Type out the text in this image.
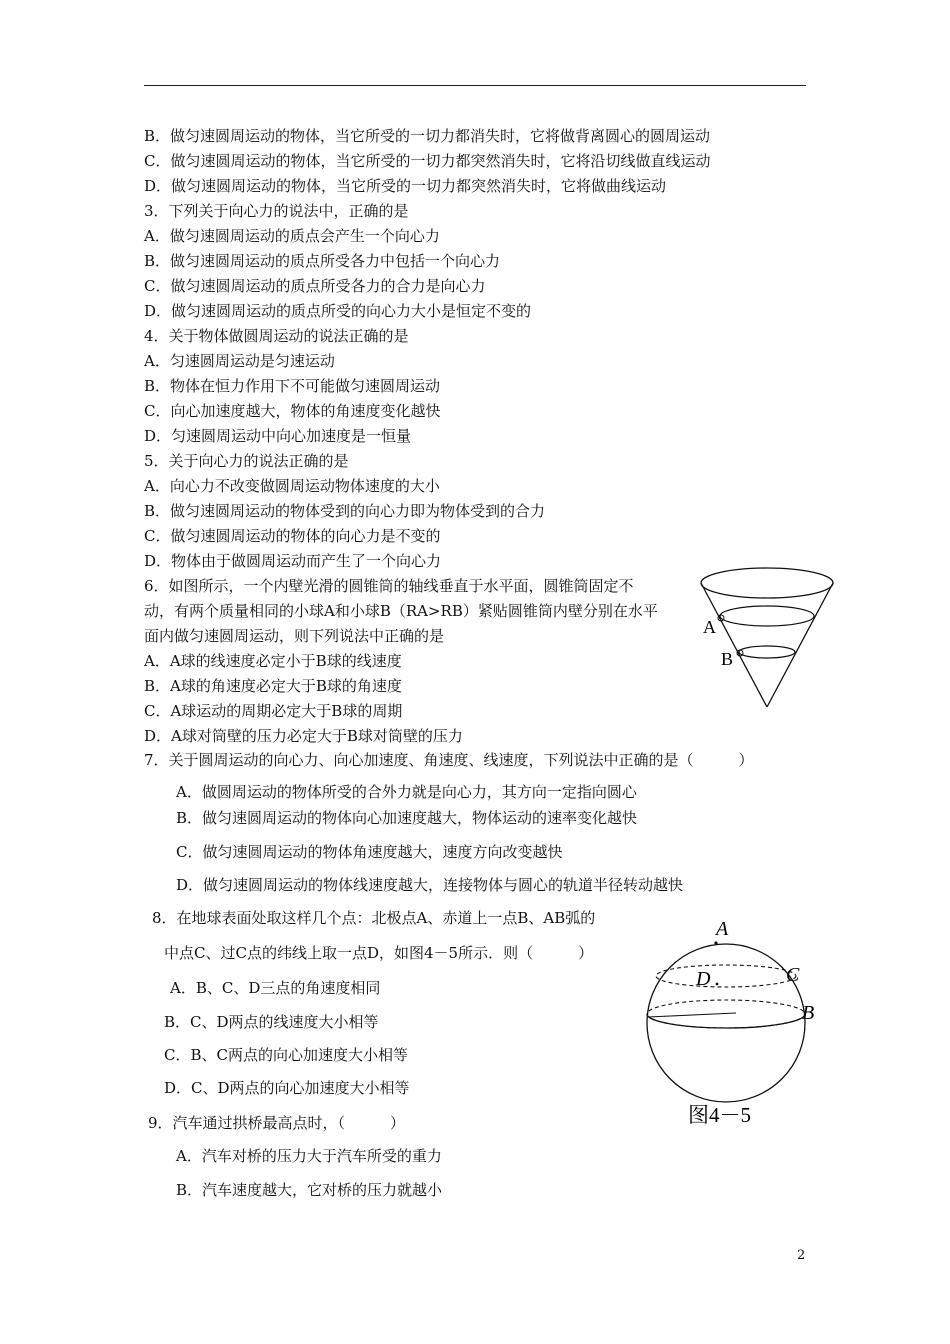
B．做匀速圆周运动的物体，当它所受的一切力都消失时，它将做背离圆心的圆周运动
C．做匀速圆周运动的物体，当它所受的一切力都突然消失时，它将沿切线做直线运动
D．做匀速圆周运动的物体，当它所受的一切力都突然消失时，它将做曲线运动
3．下列关于向心力的说法中，正确的是
A．做匀速圆周运动的质点会产生一个向心力
B．做匀速圆周运动的质点所受各力中包括一个向心力
C．做匀速圆周运动的质点所受各力的合力是向心力
D．做匀速圆周运动的质点所受的向心力大小是恒定不变的
4．关于物体做圆周运动的说法正确的是
A．匀速圆周运动是匀速运动
B．物体在恒力作用下不可能做匀速圆周运动
C．向心加速度越大，物体的角速度变化越快
D．匀速圆周运动中向心加速度是一恒量
5．关于向心力的说法正确的是
A．向心力不改变做圆周运动物体速度的大小
B．做匀速圆周运动的物体受到的向心力即为物体受到的合力
C．做匀速圆周运动的物体的向心力是不变的
D．物体由于做圆周运动而产生了一个向心力
6．如图所示，一个内壁光滑的圆锥筒的轴线垂直于水平面，圆锥筒固定不
动，有两个质量相同的小球A和小球B（RA>RB）紧贴圆锥筒内壁分别在水平
面内做匀速圆周运动，则下列说法中正确的是
A．A球的线速度必定小于B球的线速度
B．A球的角速度必定大于B球的角速度
C．A球运动的周期必定大于B球的周期
D．A球对筒壁的压力必定大于B球对筒壁的压力
7．关于圆周运动的向心力、向心加速度、角速度、线速度，下列说法中正确的是（　　　）
A．做圆周运动的物体所受的合外力就是向心力，其方向一定指向圆心
B．做匀速圆周运动的物体向心加速度越大，物体运动的速率变化越快
C．做匀速圆周运动的物体角速度越大，速度方向改变越快
D．做匀速圆周运动的物体线速度越大，连接物体与圆心的轨道半径转动越快
8．在地球表面处取这样几个点：北极点A、赤道上一点B、AB弧的
中点C、过C点的纬线上取一点D，如图4－5所示．则（　　　）
A．B、C、D三点的角速度相同
B．C、D两点的线速度大小相等
C．B、C两点的向心加速度大小相等
D．C、D两点的向心加速度大小相等
9．汽车通过拱桥最高点时，（　　　）
A．汽车对桥的压力大于汽车所受的重力
B．汽车速度越大，它对桥的压力就越小
A
B
A
C
D
B
图4－5
2
